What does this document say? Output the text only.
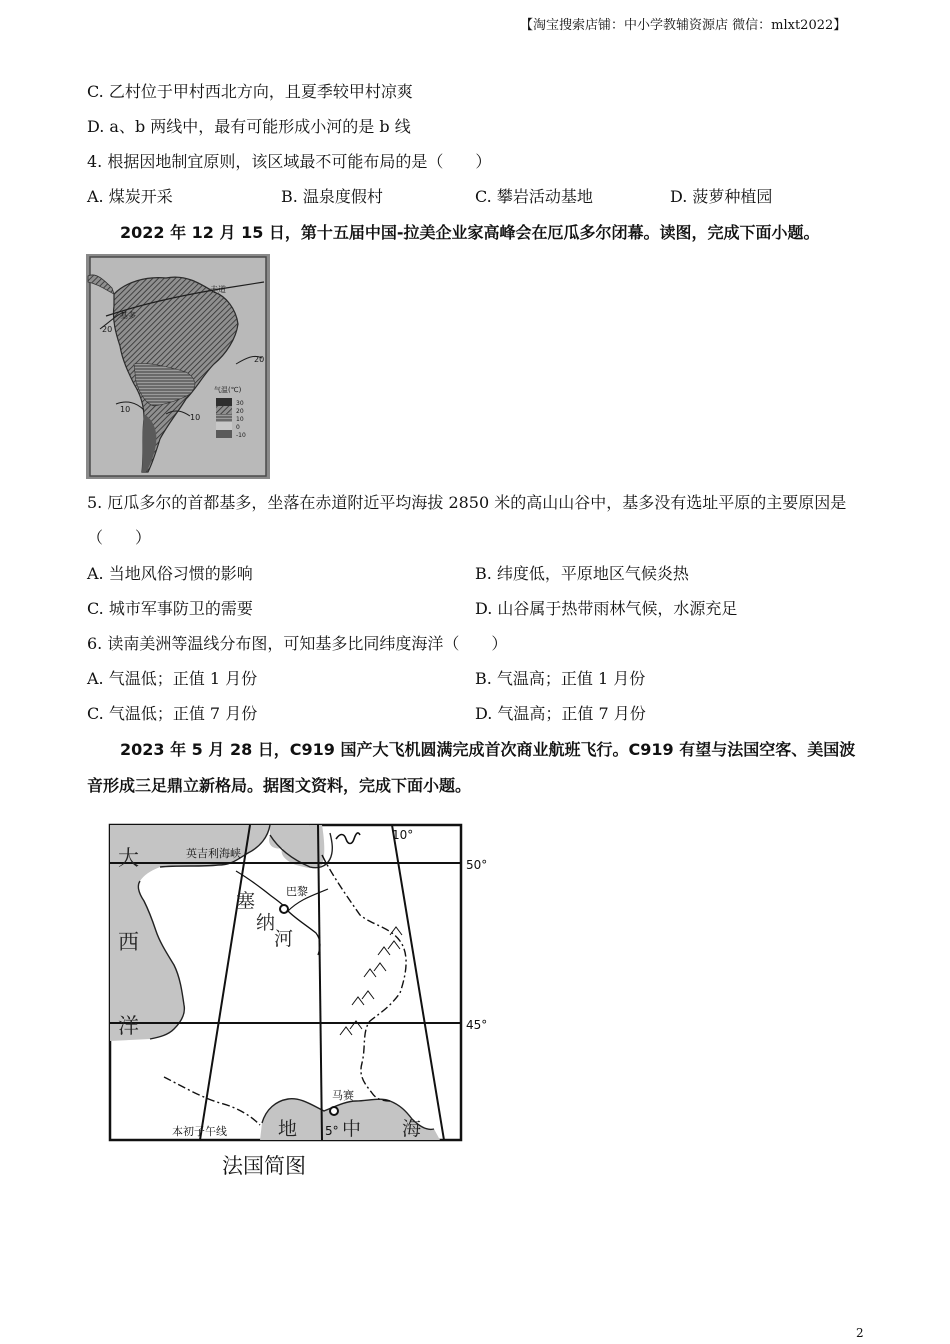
【淘宝搜索店铺：中小学教辅资源店 微信：mlxt2022】
C. 乙村位于甲村西北方向，且夏季较甲村凉爽
D. a、b 两线中，最有可能形成小河的是 b 线
4. 根据因地制宜原则，该区域最不可能布局的是（　　）
A. 煤炭开采	B. 温泉度假村	C. 攀岩活动基地	D. 菠萝种植园
2022 年 12 月 15 日，第十五届中国-拉美企业家高峰会在厄瓜多尔闭幕。读图，完成下面小题。
赤道
基多
20
20
10
10
气温(℃)
30
20
10
0
-10
5. 厄瓜多尔的首都基多，坐落在赤道附近平均海拔 2850 米的高山山谷中，基多没有选址平原的主要原因是
（　　）
A. 当地风俗习惯的影响	B. 纬度低，平原地区气候炎热
C. 城市军事防卫的需要	D. 山谷属于热带雨林气候，水源充足
6. 读南美洲等温线分布图，可知基多比同纬度海洋（　　）
A. 气温低；正值 1 月份	B. 气温高；正值 1 月份
C. 气温低；正值 7 月份	D. 气温高；正值 7 月份
2023 年 5 月 28 日，C919 国产大飞机圆满完成首次商业航班飞行。C919 有望与法国空客、美国波
音形成三足鼎立新格局。据图文资料，完成下面小题。
英吉利海峡
巴黎
马赛
本初子午线	5°
10°
50°
45°
大
西
洋
塞
纳
河
地 中 海
法国简图
2
